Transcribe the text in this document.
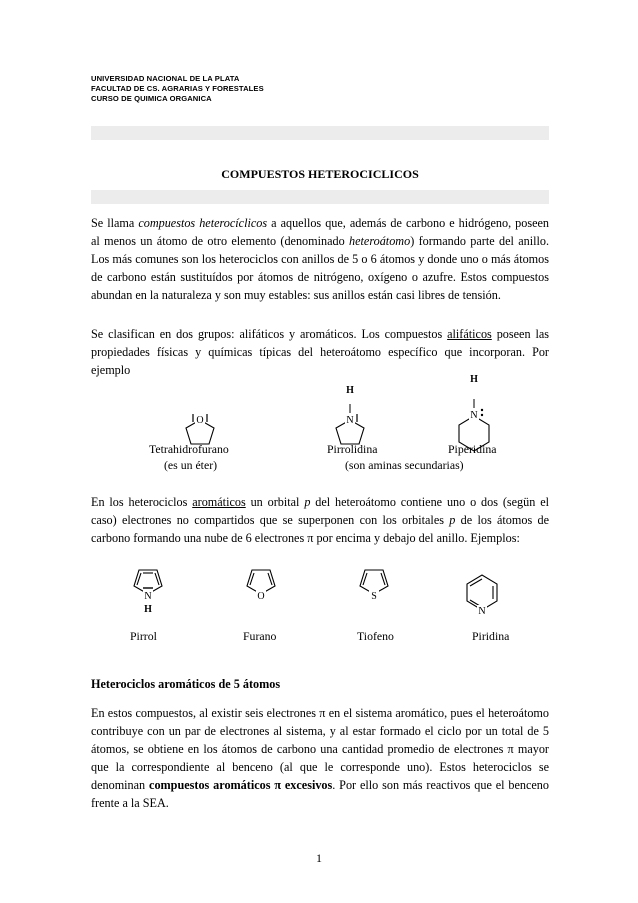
UNIVERSIDAD NACIONAL DE LA PLATA
FACULTAD DE CS. AGRARIAS Y FORESTALES
CURSO DE QUIMICA ORGANICA
COMPUESTOS HETEROCICLICOS

Se llama compuestos heterocíclicos a aquellos que, además de carbono e hidrógeno, poseen al menos un átomo de otro elemento (denominado heteroátomo) formando parte del anillo. Los más comunes son los heterociclos con anillos de 5 o 6 átomos y donde uno o más átomos de carbono están sustituídos por átomos de nitrógeno, oxígeno o azufre. Estos compuestos abundan en la naturaleza y son muy estables: sus anillos están casi libres de tensión.

Se clasifican en dos grupos: alifáticos y aromáticos. Los compuestos alifáticos poseen las propiedades físicas y químicas típicas del heteroátomo específico que incorporan. Por ejemplo

O	N
H
N
H
Tetrahidrofurano
(es un éter)
Pirrolidina	Piperidina
(son aminas secundarias)

En los heterociclos aromáticos un orbital p del heteroátomo contiene uno o dos (segün el caso) electrones no compartidos que se superponen con los orbitales p de los átomos de carbono formando una nube de 6 electrones π por encima y debajo del anillo. Ejemplos:

N
H
O	S
N
Pirrol	Furano	Tiofeno	Piridina
Heterociclos aromáticos de 5 átomos

En estos compuestos, al existir seis electrones π en el sistema aromático, pues el heteroátomo contribuye con un par de electrones al sistema, y al estar formado el ciclo por un total de 5 átomos, se obtiene en los átomos de carbono una cantidad promedio de electrones π mayor que la correspondiente al benceno (al que le corresponde uno). Estos heterociclos se denominan compuestos aromáticos π excesivos. Por ello son más reactivos que el benceno frente a la SEA.

1
